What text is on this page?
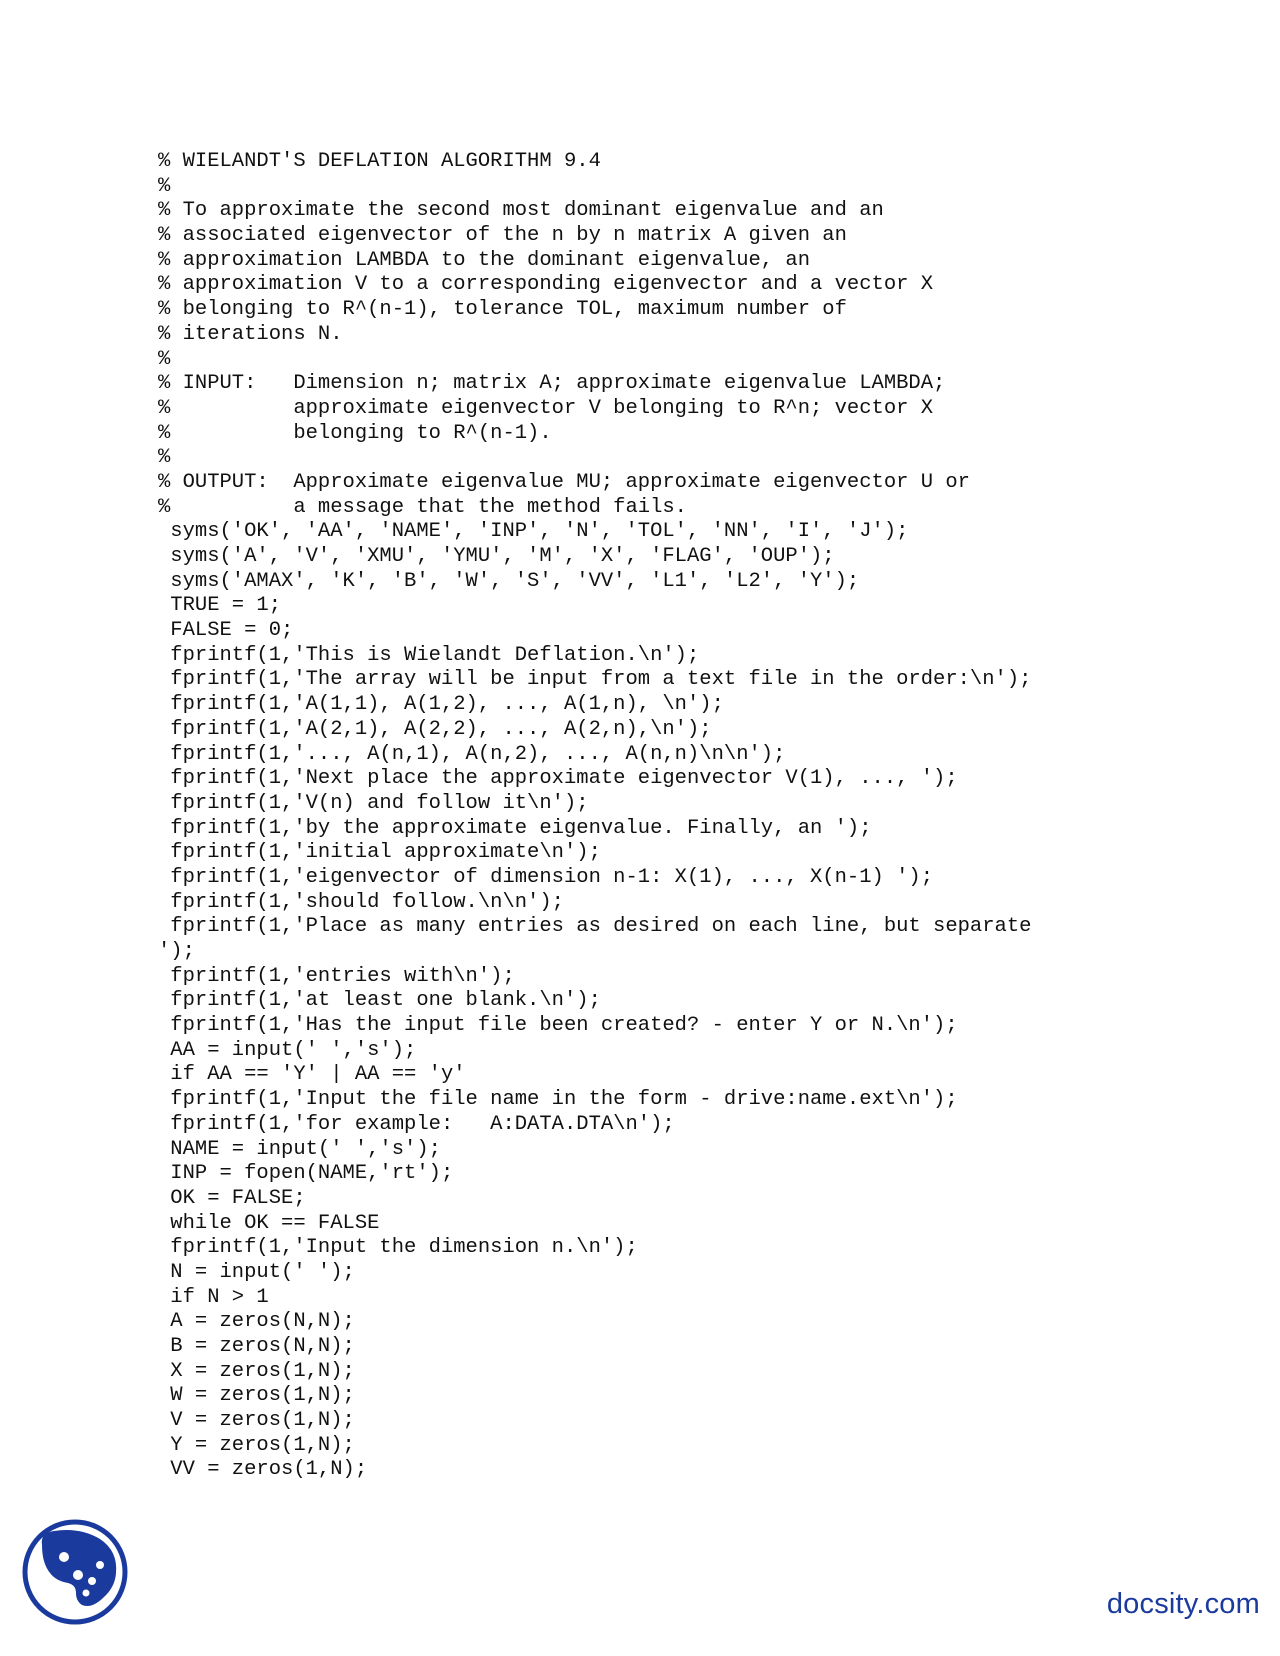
% WIELANDT'S DEFLATION ALGORITHM 9.4
%
% To approximate the second most dominant eigenvalue and an
% associated eigenvector of the n by n matrix A given an
% approximation LAMBDA to the dominant eigenvalue, an
% approximation V to a corresponding eigenvector and a vector X
% belonging to R^(n-1), tolerance TOL, maximum number of
% iterations N.
%
% INPUT:   Dimension n; matrix A; approximate eigenvalue LAMBDA;
%          approximate eigenvector V belonging to R^n; vector X
%          belonging to R^(n-1).
%
% OUTPUT:  Approximate eigenvalue MU; approximate eigenvector U or
%          a message that the method fails.
syms('OK', 'AA', 'NAME', 'INP', 'N', 'TOL', 'NN', 'I', 'J');
syms('A', 'V', 'XMU', 'YMU', 'M', 'X', 'FLAG', 'OUP');
syms('AMAX', 'K', 'B', 'W', 'S', 'VV', 'L1', 'L2', 'Y');
TRUE = 1;
FALSE = 0;
fprintf(1,'This is Wielandt Deflation.\n');
fprintf(1,'The array will be input from a text file in the order:\n');
fprintf(1,'A(1,1), A(1,2), ..., A(1,n), \n');
fprintf(1,'A(2,1), A(2,2), ..., A(2,n),\n');
fprintf(1,'..., A(n,1), A(n,2), ..., A(n,n)\n\n');
fprintf(1,'Next place the approximate eigenvector V(1), ..., ');
fprintf(1,'V(n) and follow it\n');
fprintf(1,'by the approximate eigenvalue. Finally, an ');
fprintf(1,'initial approximate\n');
fprintf(1,'eigenvector of dimension n-1: X(1), ..., X(n-1) ');
fprintf(1,'should follow.\n\n');
fprintf(1,'Place as many entries as desired on each line, but separate
');
fprintf(1,'entries with\n');
fprintf(1,'at least one blank.\n');
fprintf(1,'Has the input file been created? - enter Y or N.\n');
AA = input(' ','s');
if AA == 'Y' | AA == 'y'
fprintf(1,'Input the file name in the form - drive:name.ext\n');
fprintf(1,'for example:   A:DATA.DTA\n');
NAME = input(' ','s');
INP = fopen(NAME,'rt');
OK = FALSE;
while OK == FALSE
fprintf(1,'Input the dimension n.\n');
N = input(' ');
if N > 1
A = zeros(N,N);
B = zeros(N,N);
X = zeros(1,N);
W = zeros(1,N);
V = zeros(1,N);
Y = zeros(1,N);
VV = zeros(1,N);
docsity.com
